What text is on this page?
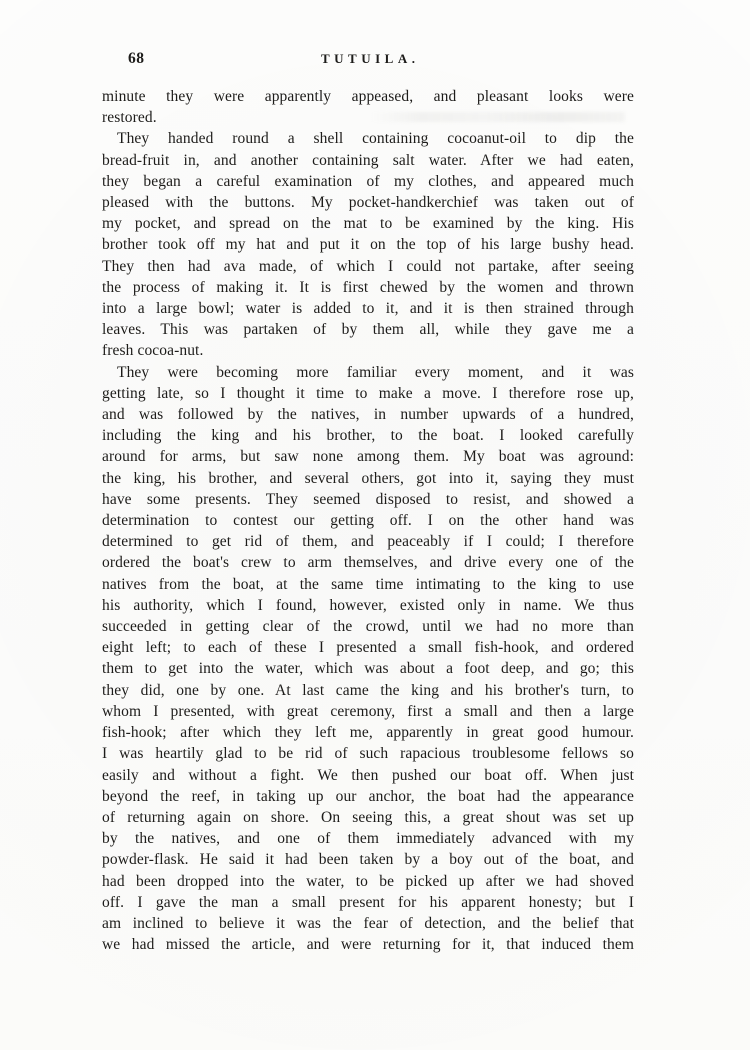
68	TUTUILA.
minute they were apparently appeased, and pleasant looks were
restored.
They handed round a shell containing cocoanut-oil to dip the
bread-fruit in, and another containing salt water. After we had eaten,
they began a careful examination of my clothes, and appeared much
pleased with the buttons. My pocket-handkerchief was taken out of
my pocket, and spread on the mat to be examined by the king. His
brother took off my hat and put it on the top of his large bushy head.
They then had ava made, of which I could not partake, after seeing
the process of making it. It is first chewed by the women and thrown
into a large bowl; water is added to it, and it is then strained through
leaves. This was partaken of by them all, while they gave me a
fresh cocoa-nut.
They were becoming more familiar every moment, and it was
getting late, so I thought it time to make a move. I therefore rose up,
and was followed by the natives, in number upwards of a hundred,
including the king and his brother, to the boat. I looked carefully
around for arms, but saw none among them. My boat was aground:
the king, his brother, and several others, got into it, saying they must
have some presents. They seemed disposed to resist, and showed a
determination to contest our getting off. I on the other hand was
determined to get rid of them, and peaceably if I could; I therefore
ordered the boat's crew to arm themselves, and drive every one of the
natives from the boat, at the same time intimating to the king to use
his authority, which I found, however, existed only in name. We thus
succeeded in getting clear of the crowd, until we had no more than
eight left; to each of these I presented a small fish-hook, and ordered
them to get into the water, which was about a foot deep, and go; this
they did, one by one. At last came the king and his brother's turn, to
whom I presented, with great ceremony, first a small and then a large
fish-hook; after which they left me, apparently in great good humour.
I was heartily glad to be rid of such rapacious troublesome fellows so
easily and without a fight. We then pushed our boat off. When just
beyond the reef, in taking up our anchor, the boat had the appearance
of returning again on shore. On seeing this, a great shout was set up
by the natives, and one of them immediately advanced with my
powder-flask. He said it had been taken by a boy out of the boat, and
had been dropped into the water, to be picked up after we had shoved
off. I gave the man a small present for his apparent honesty; but I
am inclined to believe it was the fear of detection, and the belief that
we had missed the article, and were returning for it, that induced them
